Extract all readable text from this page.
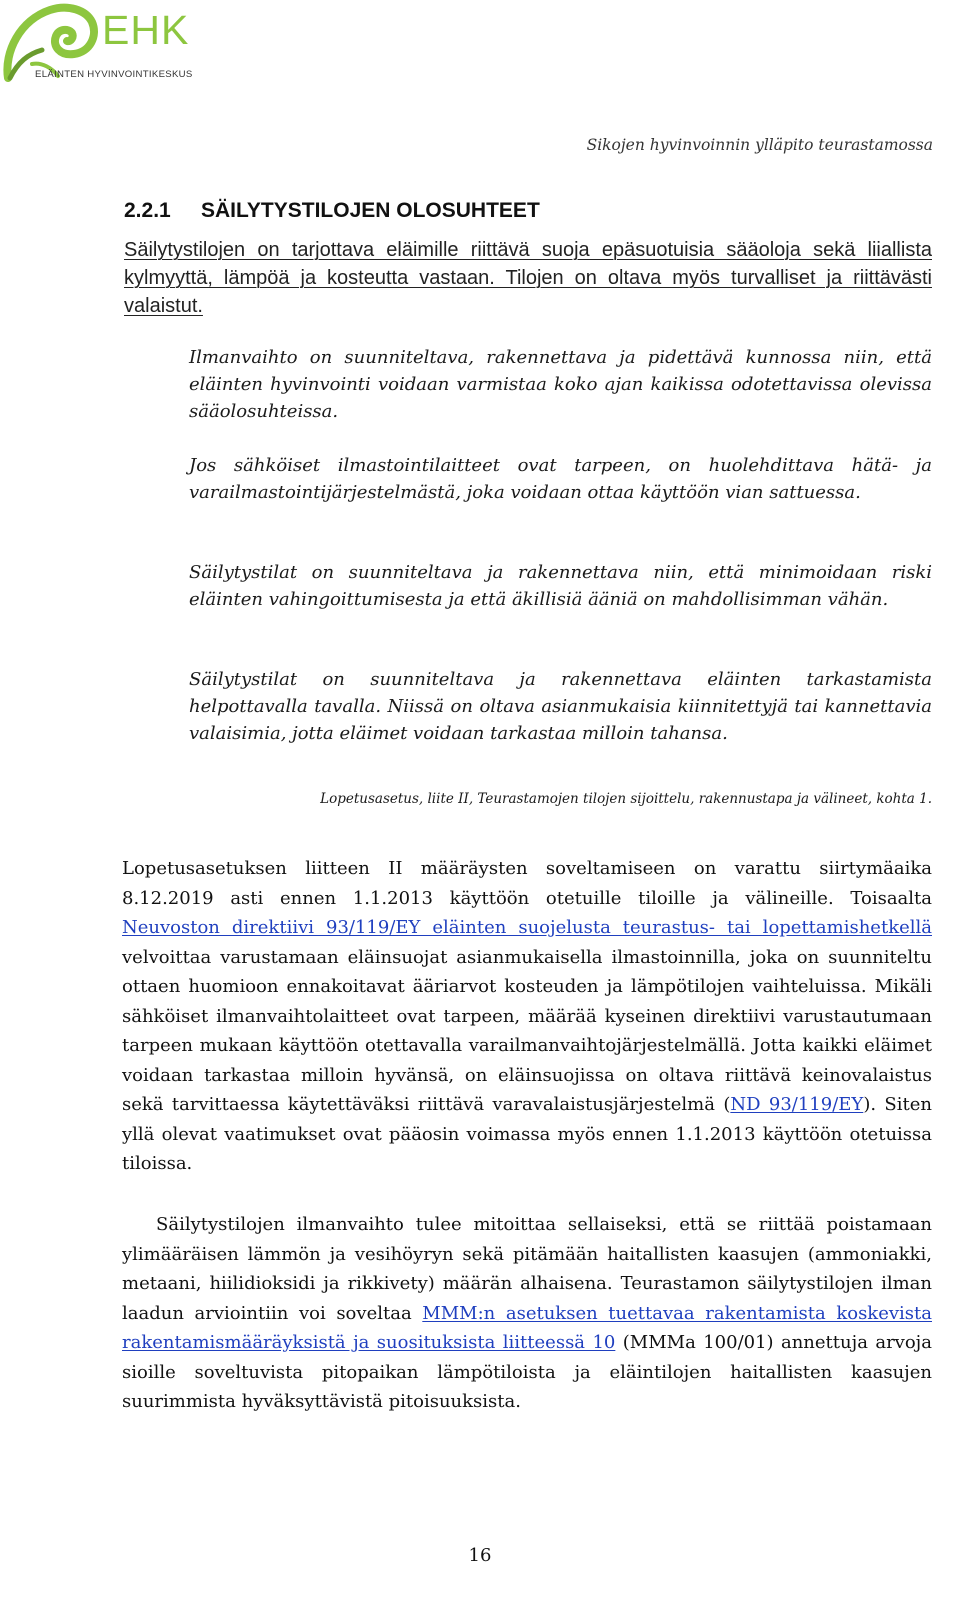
EHK
ELÄINTEN HYVINVOINTIKESKUS
Sikojen hyvinvoinnin ylläpito teurastamossa
2.2.1 SÄILYTYSTILOJEN OLOSUHTEET

Säilytystilojen on tarjottava eläimille riittävä suoja epäsuotuisia sääoloja sekä liiallista kylmyyttä, lämpöä ja kosteutta vastaan. Tilojen on oltava myös turvalliset ja riittävästi valaistut.

Ilmanvaihto on suunniteltava, rakennettava ja pidettävä kunnossa niin, että eläinten hyvinvointi voidaan varmistaa koko ajan kaikissa odotettavissa olevissa sääolosuhteissa.

Jos sähköiset ilmastointilaitteet ovat tarpeen, on huolehdittava hätä- ja varailmastointijärjestelmästä, joka voidaan ottaa käyttöön vian sattuessa.

Säilytystilat on suunniteltava ja rakennettava niin, että minimoidaan riski eläinten vahingoittumisesta ja että äkillisiä ääniä on mahdollisimman vähän.

Säilytystilat on suunniteltava ja rakennettava eläinten tarkastamista helpottavalla tavalla. Niissä on oltava asianmukaisia kiinnitettyjä tai kannettavia valaisimia, jotta eläimet voidaan tarkastaa milloin tahansa.

Lopetusasetus, liite II, Teurastamojen tilojen sijoittelu, rakennustapa ja välineet, kohta 1.

Lopetusasetuksen liitteen II määräysten soveltamiseen on varattu siirtymäaika 8.12.2019 asti ennen 1.1.2013 käyttöön otetuille tiloille ja välineille. Toisaalta Neuvoston direktiivi 93/119/EY eläinten suojelusta teurastus- tai lopettamishetkellä velvoittaa varustamaan eläinsuojat asianmukaisella ilmastoinnilla, joka on suunniteltu ottaen huomioon ennakoitavat ääriarvot kosteuden ja lämpötilojen vaihteluissa. Mikäli sähköiset ilmanvaihtolaitteet ovat tarpeen, määrää kyseinen direktiivi varustautumaan tarpeen mukaan käyttöön otettavalla varailmanvaihtojärjestelmällä. Jotta kaikki eläimet voidaan tarkastaa milloin hyvänsä, on eläinsuojissa on oltava riittävä keinovalaistus sekä tarvittaessa käytettäväksi riittävä varavalaistusjärjestelmä (ND 93/119/EY). Siten yllä olevat vaatimukset ovat pääosin voimassa myös ennen 1.1.2013 käyttöön otetuissa tiloissa.

Säilytystilojen ilmanvaihto tulee mitoittaa sellaiseksi, että se riittää poistamaan ylimääräisen lämmön ja vesihöyryn sekä pitämään haitallisten kaasujen (ammoniakki, metaani, hiilidioksidi ja rikkivety) määrän alhaisena. Teurastamon säilytystilojen ilman laadun arviointiin voi soveltaa MMM:n asetuksen tuettavaa rakentamista koskevista rakentamismääräyksistä ja suosituksista liitteessä 10 (MMMa 100/01) annettuja arvoja sioille soveltuvista pitopaikan lämpötiloista ja eläintilojen haitallisten kaasujen suurimmista hyväksyttävistä pitoisuuksista.

16
